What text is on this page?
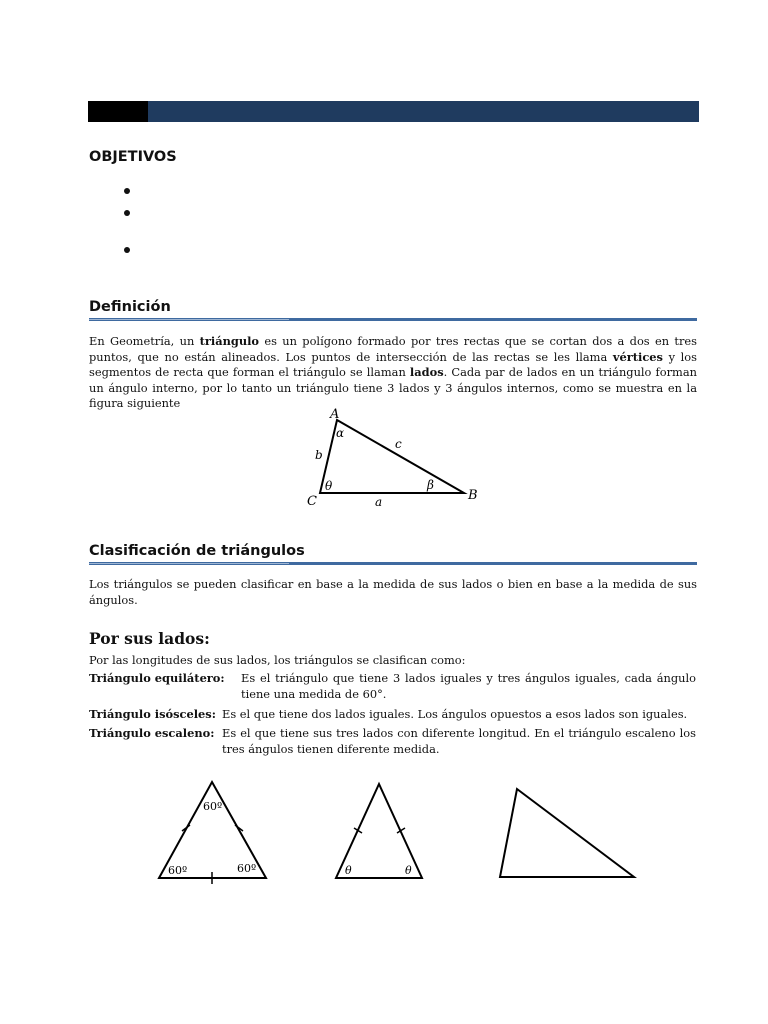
OBJETIVOS
Definición
En Geometría, un triángulo es un polígono formado por tres rectas que se cortan dos a dos en tres puntos, que no están alineados. Los puntos de intersección de las rectas se les llama vértices y los segmentos de recta que forman el triángulo se llaman lados. Cada par de lados en un triángulo forman un ángulo interno, por lo tanto un triángulo tiene 3 lados y 3 ángulos internos, como se muestra en la figura siguiente
A
B
C	a
b
c
α
β
θ
Clasificación de triángulos
Los triángulos se pueden clasificar en base a la medida de sus lados o bien en base a la medida de sus ángulos.
Por sus lados:
Por las longitudes de sus lados, los triángulos se clasifican como:
Triángulo equilátero: Es el triángulo que tiene 3 lados iguales y tres ángulos iguales, cada ángulo tiene una medida de 60°.
Triángulo isósceles: Es el que tiene dos lados iguales. Los ángulos opuestos a esos lados son iguales.
Triángulo escaleno: Es el que tiene sus tres lados con diferente longitud. En el triángulo escaleno los tres ángulos tienen diferente medida.
60º
60º	60º	θ	θ
